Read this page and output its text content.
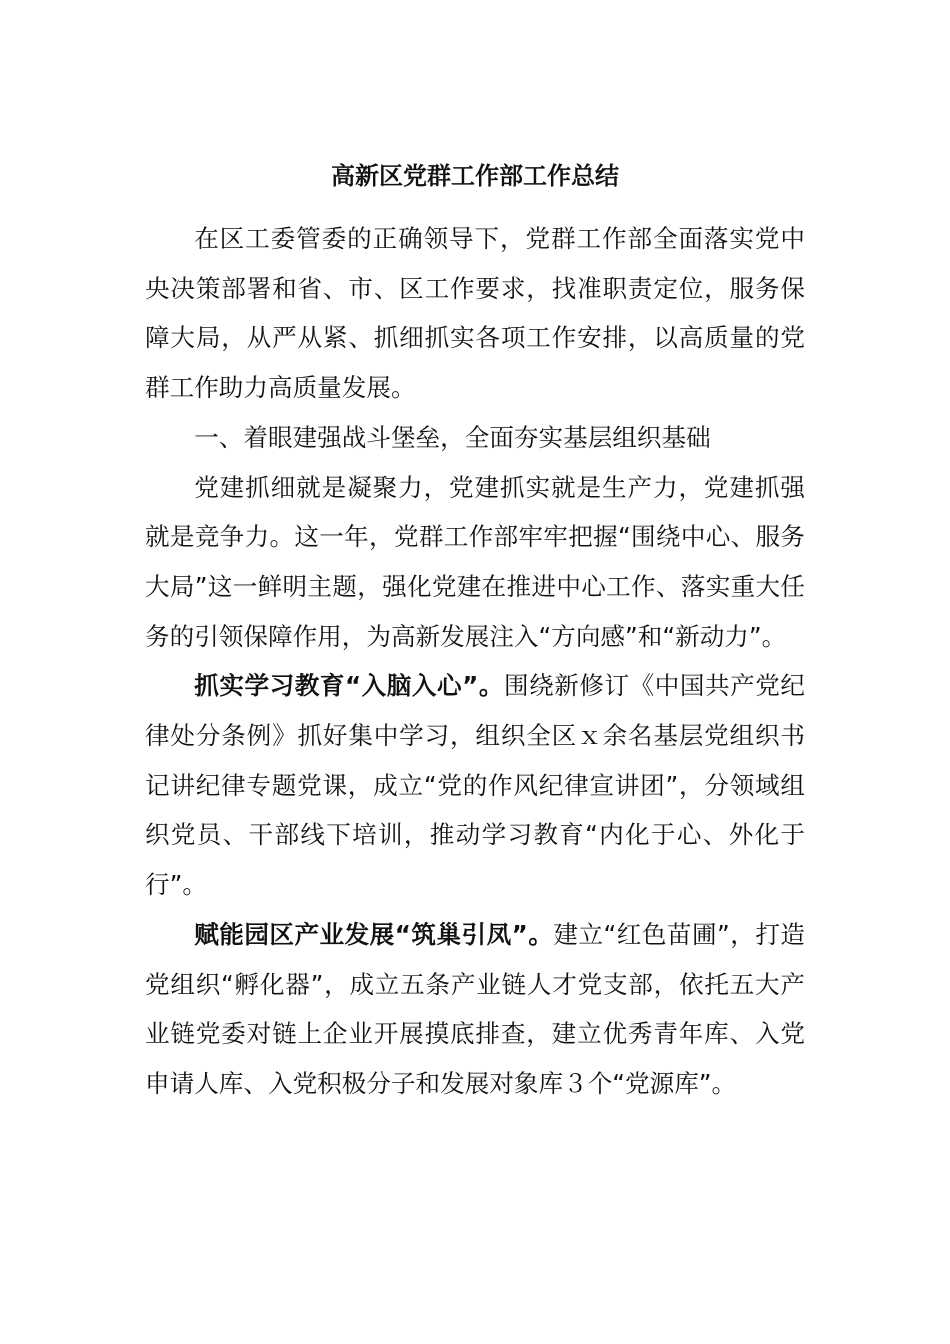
高新区党群工作部工作总结

在区工委管委的正确领导下，党群工作部全面落实党中央决策部署和省、市、区工作要求，找准职责定位，服务保障大局，从严从紧、抓细抓实各项工作安排，以高质量的党群工作助力高质量发展。

一、着眼建强战斗堡垒，全面夯实基层组织基础

党建抓细就是凝聚力，党建抓实就是生产力，党建抓强就是竞争力。这一年，党群工作部牢牢把握“围绕中心、服务大局”这一鲜明主题，强化党建在推进中心工作、落实重大任务的引领保障作用，为高新发展注入“方向感”和“新动力”。

抓实学习教育“入脑入心”。围绕新修订《中国共产党纪律处分条例》抓好集中学习，组织全区ｘ余名基层党组织书记讲纪律专题党课，成立“党的作风纪律宣讲团”，分领域组织党员、干部线下培训，推动学习教育“内化于心、外化于行”。

赋能园区产业发展“筑巢引凤”。建立“红色苗圃”，打造党组织“孵化器”，成立五条产业链人才党支部，依托五大产业链党委对链上企业开展摸底排查，建立优秀青年库、入党申请人库、入党积极分子和发展对象库３个“党源库”。
